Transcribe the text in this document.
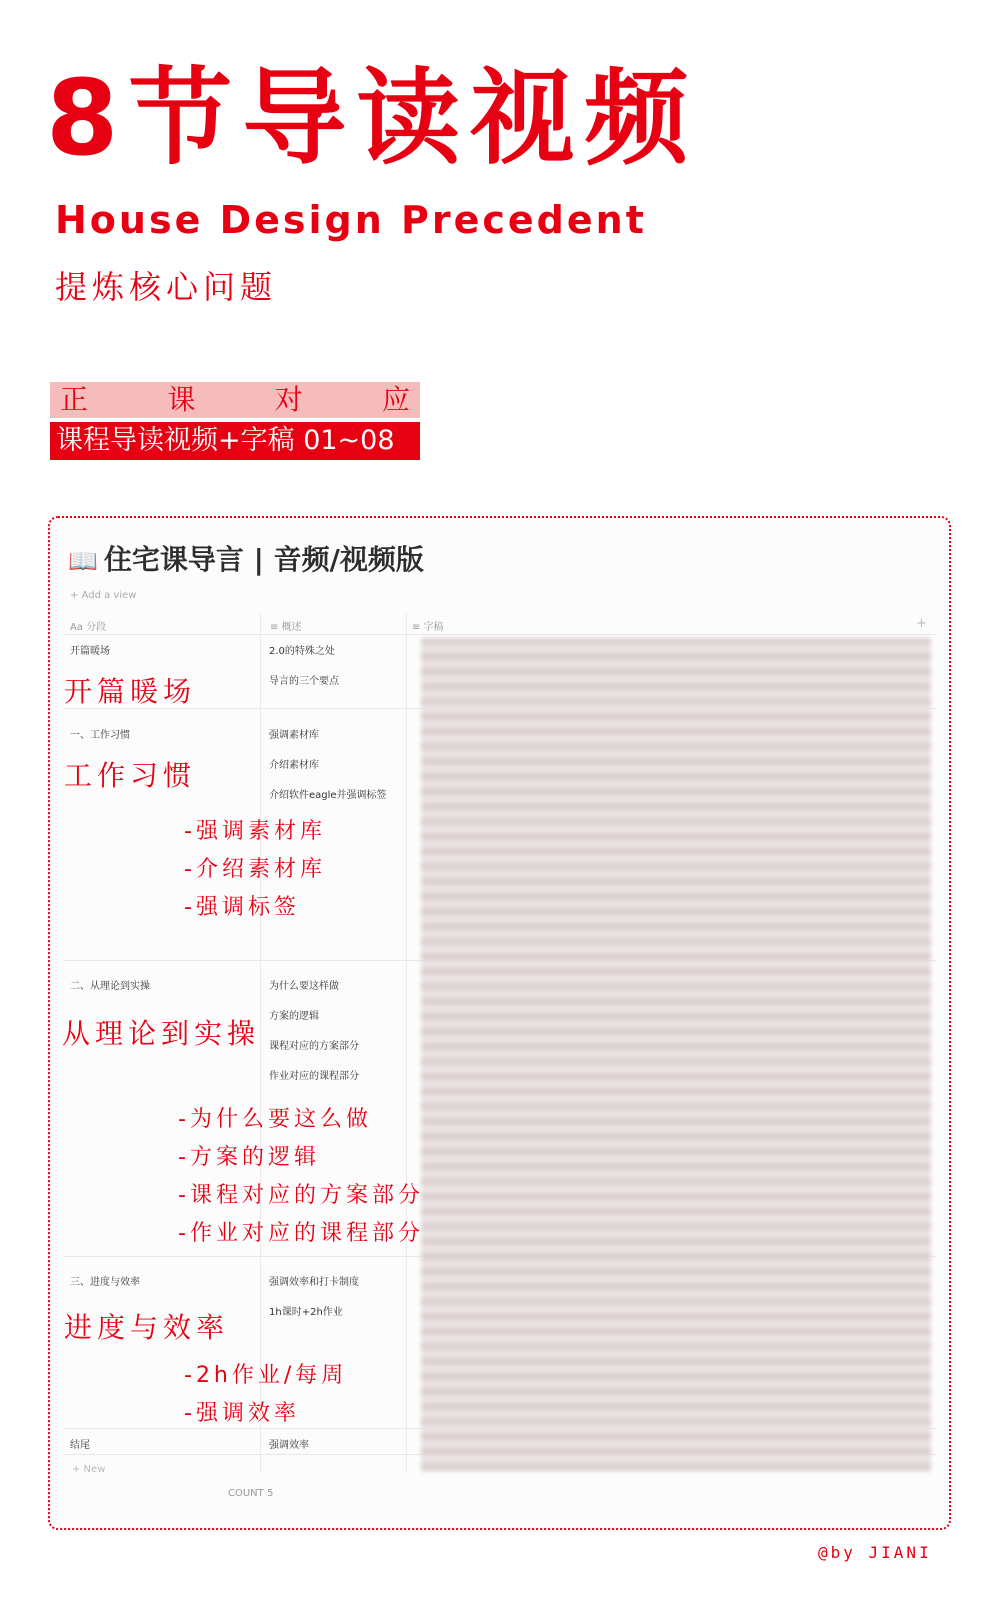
8节导读视频
House Design Precedent
提炼核心问题
正	课	对	应
课程导读视频+字稿 01~08
📖 住宅课导言 | 音频/视频版
+ Add a view
Aa 分段	≡ 概述	≡ 字稿	+
开篇暖场	2.0的特殊之处
导言的三个要点
开篇暖场
一、工作习惯	强调素材库
介绍素材库
介绍软件eagle并强调标签
工作习惯
-强调素材库
-介绍素材库
-强调标签
二、从理论到实操	为什么要这样做
方案的逻辑
课程对应的方案部分
作业对应的课程部分
从理论到实操
-为什么要这么做
-方案的逻辑
-课程对应的方案部分
-作业对应的课程部分
三、进度与效率	强调效率和打卡制度
1h课时+2h作业
进度与效率
-2h作业/每周
-强调效率
结尾	强调效率
+ New
COUNT 5
@by JIANI
